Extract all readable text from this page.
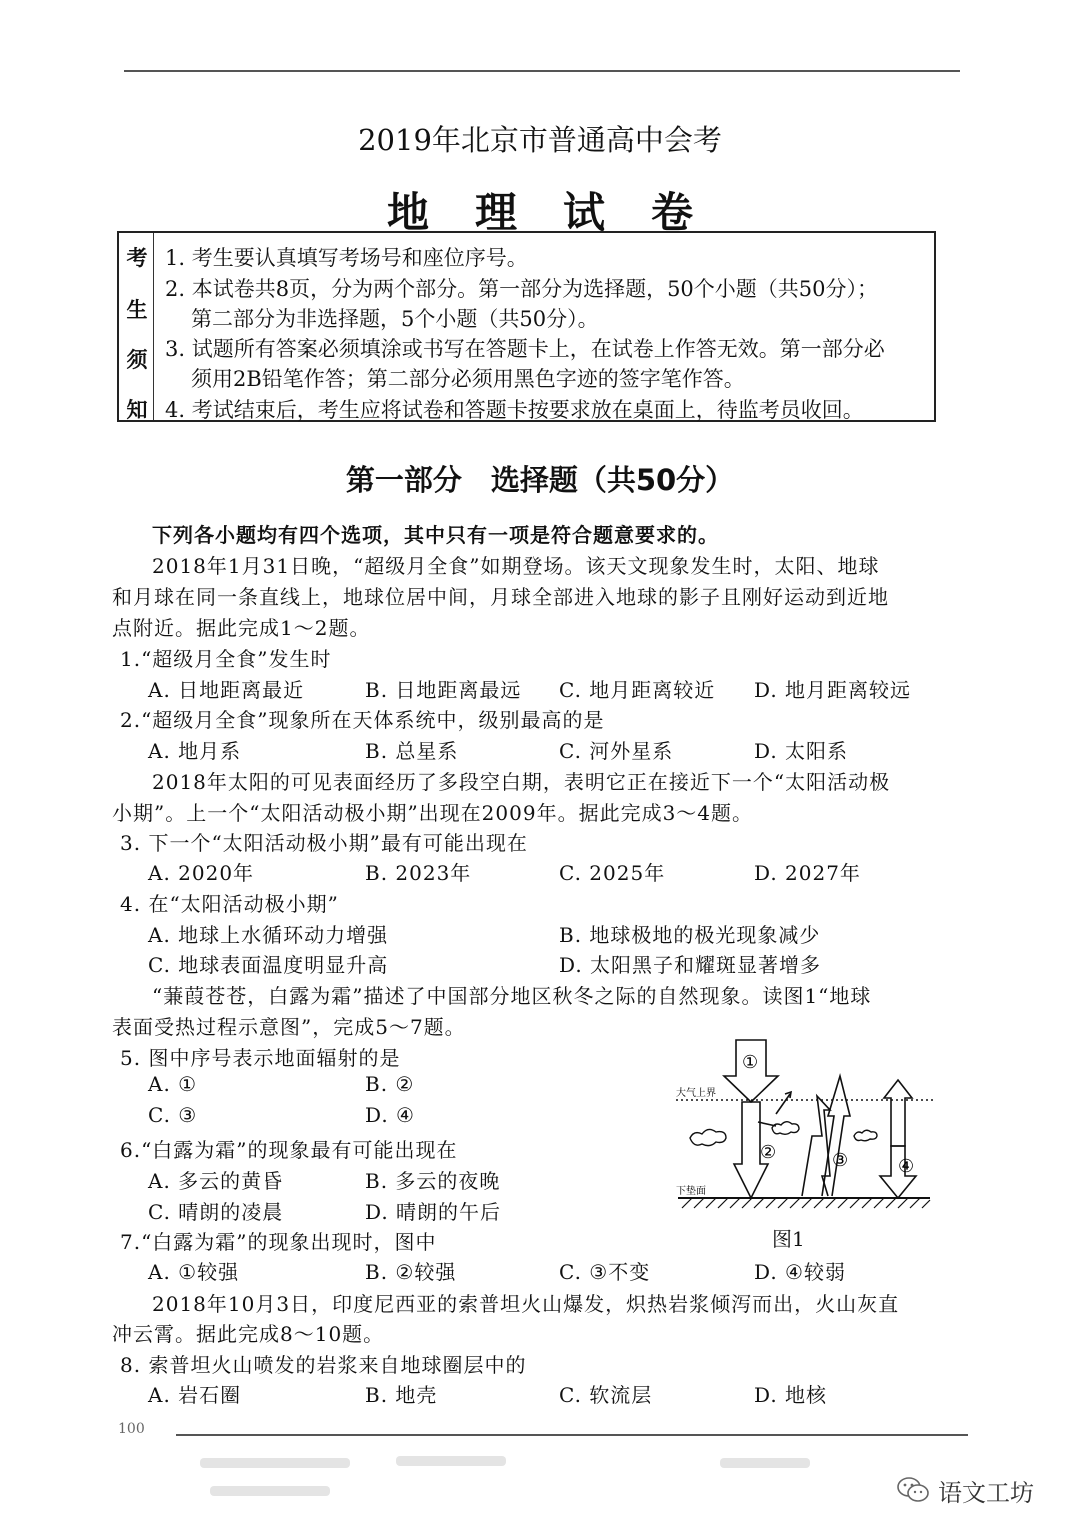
2019年北京市普通高中会考
地理试卷
考
生
须
知
1. 考生要认真填写考场号和座位序号。
2. 本试卷共8页，分为两个部分。第一部分为选择题，50个小题（共50分）；
第二部分为非选择题，5个小题（共50分）。
3. 试题所有答案必须填涂或书写在答题卡上，在试卷上作答无效。第一部分必
须用2B铅笔作答；第二部分必须用黑色字迹的签字笔作答。
4. 考试结束后，考生应将试卷和答题卡按要求放在桌面上，待监考员收回。
第一部分　选择题（共50分）
下列各小题均有四个选项，其中只有一项是符合题意要求的。
2018年1月31日晚，“超级月全食”如期登场。该天文现象发生时，太阳、地球
和月球在同一条直线上，地球位居中间，月球全部进入地球的影子且刚好运动到近地
点附近。据此完成1～2题。
1.“超级月全食”发生时
A. 日地距离最近	B. 日地距离最远 C. 地月距离较近 D. 地月距离较远
2.“超级月全食”现象所在天体系统中，级别最高的是
A. 地月系	B. 总星系	C. 河外星系	D. 太阳系
2018年太阳的可见表面经历了多段空白期，表明它正在接近下一个“太阳活动极
小期”。上一个“太阳活动极小期”出现在2009年。据此完成3～4题。
3. 下一个“太阳活动极小期”最有可能出现在
A. 2020年	B. 2023年	C. 2025年	D. 2027年
4. 在“太阳活动极小期”
A. 地球上水循环动力增强	B. 地球极地的极光现象减少
C. 地球表面温度明显升高	D. 太阳黑子和耀斑显著增多
“蒹葭苍苍，白露为霜”描述了中国部分地区秋冬之际的自然现象。读图1“地球
表面受热过程示意图”，完成5～7题。
5. 图中序号表示地面辐射的是
A. ①	B. ②
C. ③	D. ④
6.“白露为霜”的现象最有可能出现在
A. 多云的黄昏	B. 多云的夜晚
C. 晴朗的凌晨	D. 晴朗的午后
7.“白露为霜”的现象出现时，图中
A. ①较强	B. ②较强	C. ③不变	D. ④较弱
2018年10月3日，印度尼西亚的索普坦火山爆发，炽热岩浆倾泻而出，火山灰直
冲云霄。据此完成8～10题。
8. 索普坦火山喷发的岩浆来自地球圈层中的
A. 岩石圈	B. 地壳	C. 软流层	D. 地核
大气上界
下垫面
①
②	③	④
图1
100
语文工坊
